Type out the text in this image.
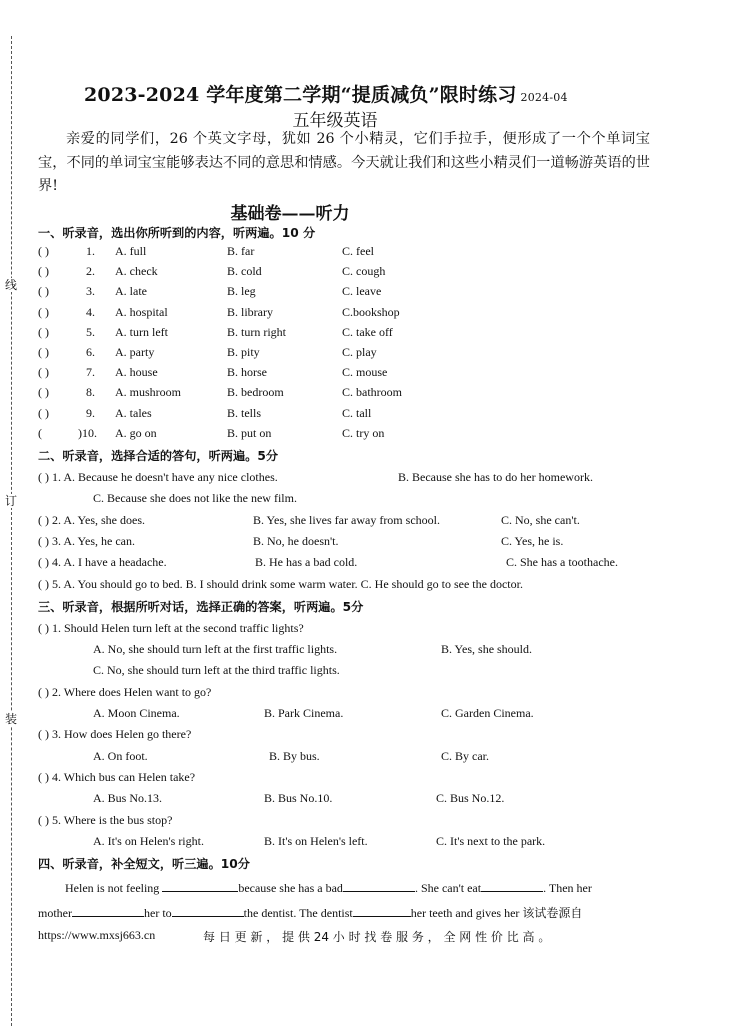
线
订
装
2023-2024 学年度第二学期“提质减负”限时练习 2024-04
五年级英语
亲爱的同学们，26 个英文字母，犹如 26 个小精灵，它们手拉手，便形成了一个个单词宝宝，不同的单词宝宝能够表达不同的意思和情感。今天就让我们和这些小精灵们一道畅游英语的世界!
基础卷——听力
一、听录音，选出你所听到的内容，听两遍。10 分
( )	1. A. full	B. far	C. feel
( )	2. A. check	B. cold	C. cough
( )	3. A. late	B. leg	C. leave
( )	4. A. hospital	B. library	C.bookshop
( )	5. A. turn left	B. turn right	C. take off
( )	6. A. party	B. pity	C. play
( )	7. A. house	B. horse	C. mouse
( )	8. A. mushroom	B. bedroom	C. bathroom
( )	9. A. tales	B. tells	C. tall
(	)10. A. go on	B. put on	C. try on
二、听录音，选择合适的答句，听两遍。5分
( ) 1. A. Because he doesn't have any nice clothes.	B. Because she has to do her homework.
C. Because she does not like the new film.
( ) 2. A. Yes, she does.	B. Yes, she lives far away from school.	C. No, she can't.
( ) 3. A. Yes, he can.	B. No, he doesn't.	C. Yes, he is.
( ) 4. A. I have a headache.	B. He has a bad cold.	C. She has a toothache.
( ) 5. A. You should go to bed. B. I should drink some warm water. C. He should go to see the doctor.
三、听录音，根据所听对话，选择正确的答案，听两遍。5分
( ) 1. Should Helen turn left at the second traffic lights?
A. No, she should turn left at the first traffic lights.	B. Yes, she should.
C. No, she should turn left at the third traffic lights.
( ) 2. Where does Helen want to go?
A. Moon Cinema.	B. Park Cinema.	C. Garden Cinema.
( ) 3. How does Helen go there?
A. On foot.	B. By bus.	C. By car.
( ) 4. Which bus can Helen take?
A. Bus No.13.	B. Bus No.10.	C. Bus No.12.
( ) 5. Where is the bus stop?
A. It's on Helen's right.	B. It's on Helen's left.	C. It's next to the park.
四、听录音，补全短文，听三遍。10分
Helen is not feeling	because she has a bad	. She can't eat	. Then her
mother	her to	the dentist. The dentist	her teeth and gives her 该试卷源自
https://www.mxsj663.cn	每 日 更 新 ， 提 供 24 小 时 找 卷 服 务 ， 全 网 性 价 比 高 。
